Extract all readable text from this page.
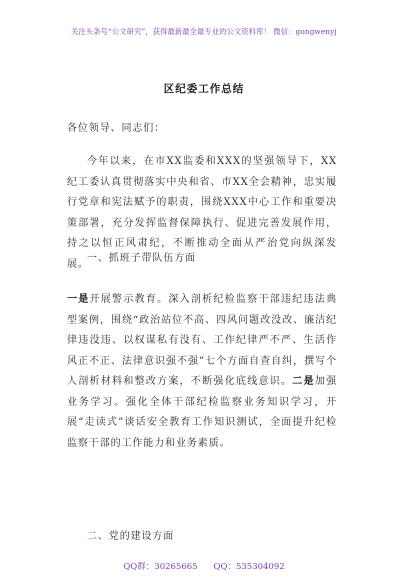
关注头条号“公文研究”，获得最新最全最专业的公文资料库！ 微信：gongwenyj
区纪委工作总结
各位领导、同志们：
今年以来，在市XX监委和XXX的坚强领导下，XX纪工委认真贯彻落实中央和省、市XX全会精神，忠实履行党章和宪法赋予的职责，围绕XXX中心工作和重要决策部署，充分发挥监督保障执行、促进完善发展作用，持之以恒正风肃纪，不断推动全面从严治党向纵深发展。
一、抓班子带队伍方面
一是开展警示教育。深入剖析纪检监察干部违纪违法典型案例，围绕“政治站位不高、四风问题改没改、廉洁纪律违没违、以权谋私有没有、工作纪律严不严、生活作风正不正、法律意识强不强”七个方面自查自纠，撰写个人剖析材料和整改方案，不断强化底线意识。二是加强业务学习。强化全体干部纪检监察业务知识学习，开展“走读式”谈话安全教育工作知识测试，全面提升纪检监察干部的工作能力和业务素质。
二、党的建设方面
QQ群：30265665 QQ：535304092
